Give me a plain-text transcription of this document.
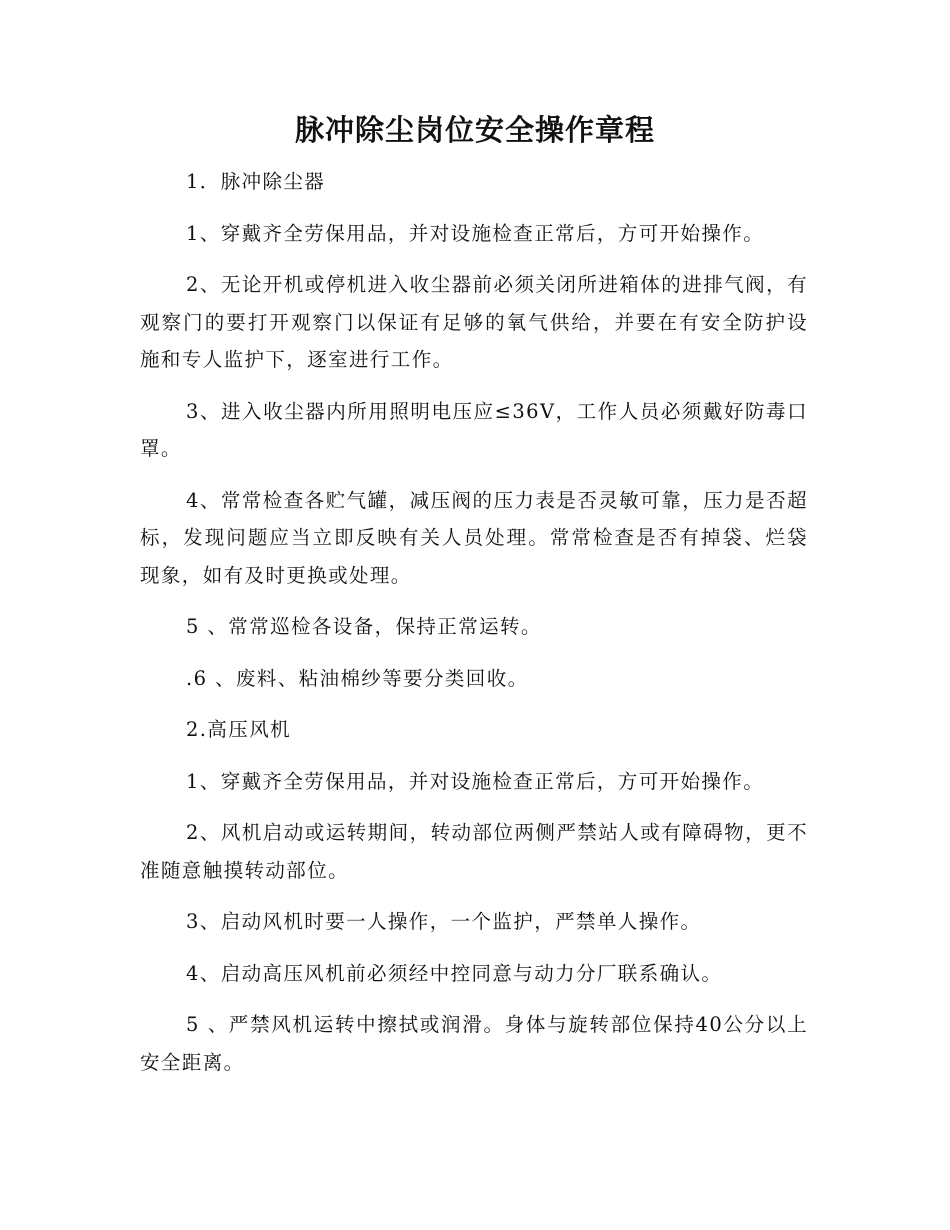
脉冲除尘岗位安全操作章程

1．脉冲除尘器

1、穿戴齐全劳保用品，并对设施检查正常后，方可开始操作。

2、无论开机或停机进入收尘器前必须关闭所进箱体的进排气阀，有观察门的要打开观察门以保证有足够的氧气供给，并要在有安全防护设施和专人监护下，逐室进行工作。

3、进入收尘器内所用照明电压应≤36V，工作人员必须戴好防毒口罩。

4、常常检查各贮气罐，减压阀的压力表是否灵敏可靠，压力是否超标，发现问题应当立即反映有关人员处理。常常检查是否有掉袋、烂袋现象，如有及时更换或处理。

5 、常常巡检各设备，保持正常运转。

.6 、废料、粘油棉纱等要分类回收。

2.高压风机

1、穿戴齐全劳保用品，并对设施检查正常后，方可开始操作。

2、风机启动或运转期间，转动部位两侧严禁站人或有障碍物，更不准随意触摸转动部位。

3、启动风机时要一人操作，一个监护，严禁单人操作。

4、启动高压风机前必须经中控同意与动力分厂联系确认。

5 、严禁风机运转中擦拭或润滑。身体与旋转部位保持40公分以上安全距离。
